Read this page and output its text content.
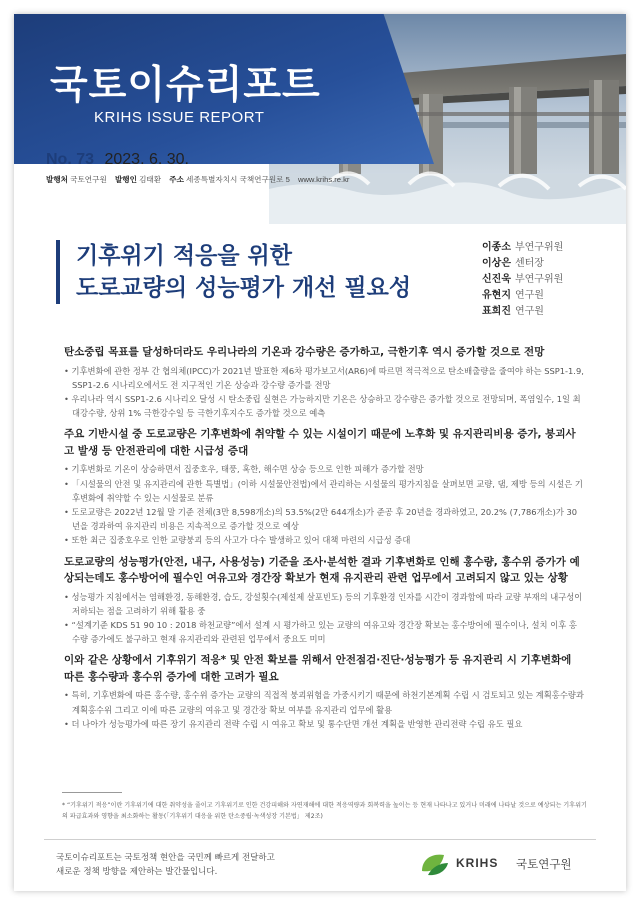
국토이슈리포트
KRIHS ISSUE REPORT
No. 73 2023. 6. 30.
발행처 국토연구원 발행인 김태환 주소 세종특별자치시 국책연구원로 5 www.krihs.re.kr
기후위기 적응을 위한
도로교량의 성능평가 개선 필요성
이종소 부연구위원
이상은 센터장
신진욱 부연구위원
유현지 연구원
표희진 연구원
탄소중립 목표를 달성하더라도 우리나라의 기온과 강수량은 증가하고, 극한기후 역시 증가할 것으로 전망
• 기후변화에 관한 정부 간 협의체(IPCC)가 2021년 발표한 제6차 평가보고서(AR6)에 따르면 적극적으로 탄소배출량을 줄여야 하는 SSP1-1.9, SSP1-2.6 시나리오에서도 전 지구적인 기온 상승과 강수량 증가를 전망
• 우리나라 역시 SSP1-2.6 시나리오 달성 시 탄소중립 실현은 가능하지만 기온은 상승하고 강수량은 증가할 것으로 전망되며, 폭염일수, 1일 최대강수량, 상위 1% 극한강수일 등 극한기후지수도 증가할 것으로 예측
주요 기반시설 중 도로교량은 기후변화에 취약할 수 있는 시설이기 때문에 노후화 및 유지관리비용 증가, 붕괴사고 발생 등 안전관리에 대한 시급성 증대
• 기후변화로 기온이 상승하면서 집중호우, 태풍, 혹한, 해수면 상승 등으로 인한 피해가 증가할 전망
• 「시설물의 안전 및 유지관리에 관한 특별법」(이하 시설물안전법)에서 관리하는 시설물의 평가지침을 살펴보면 교량, 댐, 제방 등의 시설은 기후변화에 취약할 수 있는 시설물로 분류
• 도로교량은 2022년 12월 말 기준 전체(3만 8,598개소)의 53.5%(2만 644개소)가 준공 후 20년을 경과하였고, 20.2% (7,786개소)가 30년을 경과하여 유지관리 비용은 지속적으로 증가할 것으로 예상
• 또한 최근 집중호우로 인한 교량붕괴 등의 사고가 다수 발생하고 있어 대책 마련의 시급성 증대
도로교량의 성능평가(안전, 내구, 사용성능) 기준을 조사·분석한 결과 기후변화로 인해 홍수량, 홍수위 증가가 예상되는데도 홍수방어에 필수인 여유고와 경간장 확보가 현재 유지관리 관련 업무에서 고려되지 않고 있는 상황
• 성능평가 지침에서는 염해환경, 동해환경, 습도, 강설횟수(제설제 살포빈도) 등의 기후환경 인자를 시간이 경과함에 따라 교량 부재의 내구성이 저하되는 점을 고려하기 위해 활용 중
• “설계기준 KDS 51 90 10 : 2018 하천교량”에서 설계 시 평가하고 있는 교량의 여유고와 경간장 확보는 홍수방어에 필수이나, 설치 이후 홍수량 증가에도 불구하고 현재 유지관리와 관련된 업무에서 중요도 미미
이와 같은 상황에서 기후위기 적응* 및 안전 확보를 위해서 안전점검·진단·성능평가 등 유지관리 시 기후변화에 따른 홍수량과 홍수위 증가에 대한 고려가 필요
• 특히, 기후변화에 따른 홍수량, 홍수위 증가는 교량의 직접적 붕괴위험을 가중시키기 때문에 하천기본계획 수립 시 검토되고 있는 계획홍수량과 계획홍수위 그리고 이에 따른 교량의 여유고 및 경간장 확보 여부를 유지관리 업무에 활용
• 더 나아가 성능평가에 따른 장기 유지관리 전략 수립 시 여유고 확보 및 통수단면 개선 계획을 반영한 관리전략 수립 유도 필요
* “기후위기 적응”이란 기후위기에 대한 취약성을 줄이고 기후위기로 인한 건강피해와 자연재해에 대한 적응역량과 회복력을 높이는 등 현재 나타나고 있거나 미래에 나타날 것으로 예상되는 기후위기의 파급효과와 영향을 최소화하는 활동(「기후위기 대응을 위한 탄소중립·녹색성장 기본법」 제2조)
국토이슈리포트는 국토정책 현안을 국민께 빠르게 전달하고
새로운 정책 방향을 제안하는 발간물입니다.
KRIHS 국토연구원
